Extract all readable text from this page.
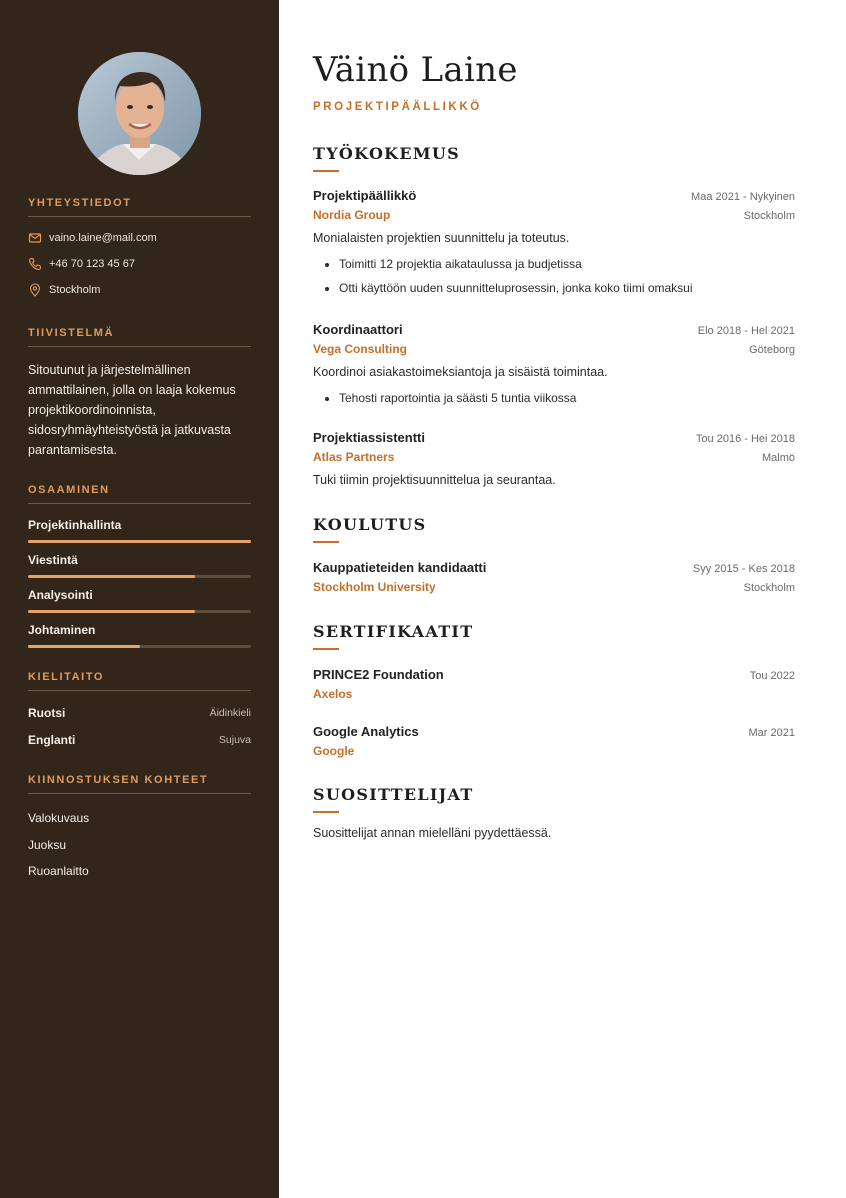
YHTEYSTIEDOT
vaino.laine@mail.com
+46 70 123 45 67
Stockholm
TIIVISTELMÄ
Sitoutunut ja järjestelmällinen ammattilainen, jolla on laaja kokemus projektikoordinoinnista, sidosryhmäyhteistyöstä ja jatkuvasta parantamisesta.
OSAAMINEN
Projektinhallinta
Viestintä
Analysointi
Johtaminen
KIELITAITO
Ruotsi	Äidinkieli
Englanti	Sujuva
KIINNOSTUKSEN KOHTEET
Valokuvaus
Juoksu
Ruoanlaitto
Väinö Laine
PROJEKTIPÄÄLLIKKÖ
TYÖKOKEMUS
Projektipäällikkö	Maa 2021 - Nykyinen
Nordia Group	Stockholm
Monialaisten projektien suunnittelu ja toteutus.
• Toimitti 12 projektia aikataulussa ja budjetissa
• Otti käyttöön uuden suunnitteluprosessin, jonka koko tiimi omaksui
Koordinaattori	Elo 2018 - Hel 2021
Vega Consulting	Göteborg
Koordinoi asiakastoimeksiantoja ja sisäistä toimintaa.
• Tehosti raportointia ja säästi 5 tuntia viikossa
Projektiassistentti	Tou 2016 - Hei 2018
Atlas Partners	Malmö
Tuki tiimin projektisuunnittelua ja seurantaa.
KOULUTUS
Kauppatieteiden kandidaatti	Syy 2015 - Kes 2018
Stockholm University	Stockholm
SERTIFIKAATIT
PRINCE2 Foundation	Tou 2022
Axelos
Google Analytics	Mar 2021
Google
SUOSITTELIJAT
Suosittelijat annan mielelläni pyydettäessä.
